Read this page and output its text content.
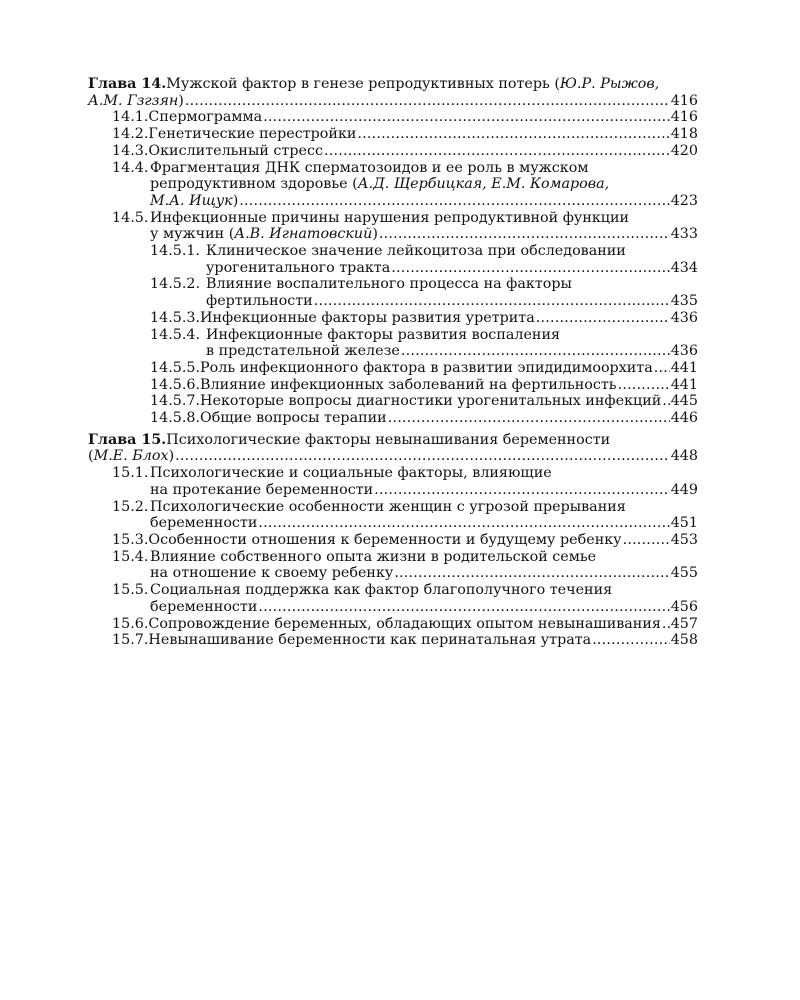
Глава 14. Мужской фактор в генезе репродуктивных потерь ( Ю.Р. Рыжов,
А.М. Гзгзян ) .....	416
14.1. Спермограмма .....	416
14.2. Генетические перестройки .....	418
14.3. Окислительный стресс .....	420
14.4. Фрагментация ДНК сперматозоидов и ее роль в мужском
репродуктивном здоровье ( А.Д. Щербицкая, Е.М. Комарова,
М.А. Ищук ) .....	423
14.5. Инфекционные причины нарушения репродуктивной функции
у мужчин ( А.В. Игнатовский ) .....	433
14.5.1. Клиническое значение лейкоцитоза при обследовании
урогенитального тракта .....	434
14.5.2. Влияние воспалительного процесса на факторы
фертильности .....	435
14.5.3. Инфекционные факторы развития уретрита .....	436
14.5.4. Инфекционные факторы развития воспаления
в предстательной железе .....	436
14.5.5. Роль инфекционного фактора в развитии эпидидимоорхита ..... 441
14.5.6. Влияние инфекционных заболеваний на фертильность .....	441
14.5.7. Некоторые вопросы диагностики урогенитальных инфекций ..... 445
14.5.8. Общие вопросы терапии .....	446
Глава 15. Психологические факторы невынашивания беременности
( М.Е. Блох ) .....	448
15.1. Психологические и социальные факторы, влияющие
на протекание беременности .....	449
15.2. Психологические особенности женщин с угрозой прерывания
беременности .....	451
15.3. Особенности отношения к беременности и будущему ребенку .....	453
15.4. Влияние собственного опыта жизни в родительской семье
на отношение к своему ребенку .....	455
15.5. Социальная поддержка как фактор благополучного течения
беременности .....	456
15.6. Сопровождение беременных, обладающих опытом невынашивания ..... 457
15.7. Невынашивание беременности как перинатальная утрата .....	458
